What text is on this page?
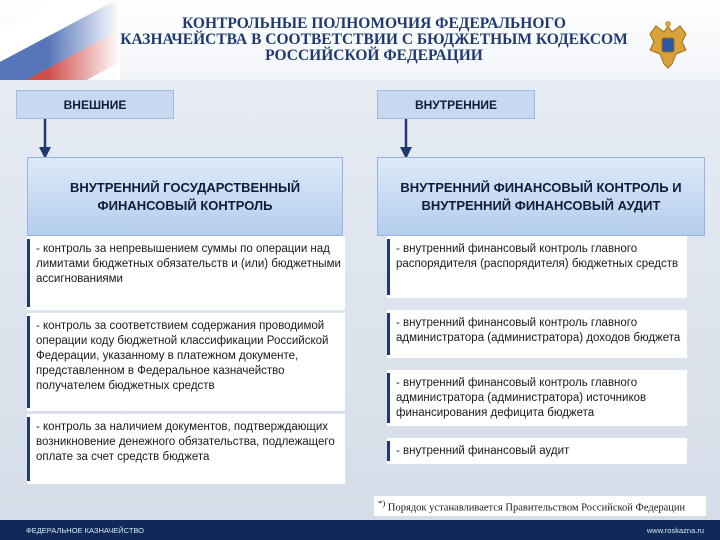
КОНТРОЛЬНЫЕ ПОЛНОМОЧИЯ ФЕДЕРАЛЬНОГО КАЗНАЧЕЙСТВА В СООТВЕТСТВИИ С БЮДЖЕТНЫМ КОДЕКСОМ РОССИЙСКОЙ ФЕДЕРАЦИИ
ВНЕШНИЕ
ВНУТРЕННИЙ ГОСУДАРСТВЕННЫЙ ФИНАНСОВЫЙ КОНТРОЛЬ
- контроль за непревышением суммы по операции над лимитами бюджетных обязательств и (или) бюджетными ассигнованиями
- контроль за соответствием содержания проводимой операции коду бюджетной классификации Российской Федерации, указанному в платежном документе, представленном в Федеральное казначейство получателем бюджетных средств
- контроль за наличием документов, подтверждающих возникновение денежного обязательства, подлежащего оплате за счет средств бюджета
ВНУТРЕННИЕ
ВНУТРЕННИЙ ФИНАНСОВЫЙ КОНТРОЛЬ И ВНУТРЕННИЙ ФИНАНСОВЫЙ АУДИТ
- внутренний финансовый контроль главного распорядителя (распорядителя) бюджетных средств
- внутренний финансовый контроль главного администратора (администратора) доходов бюджета
- внутренний финансовый контроль главного администратора (администратора) источников финансирования дефицита бюджета
- внутренний финансовый аудит
*) Порядок устанавливается Правительством Российской Федерации
ФЕДЕРАЛЬНОЕ КАЗНАЧЕЙСТВО	www.roskazna.ru
